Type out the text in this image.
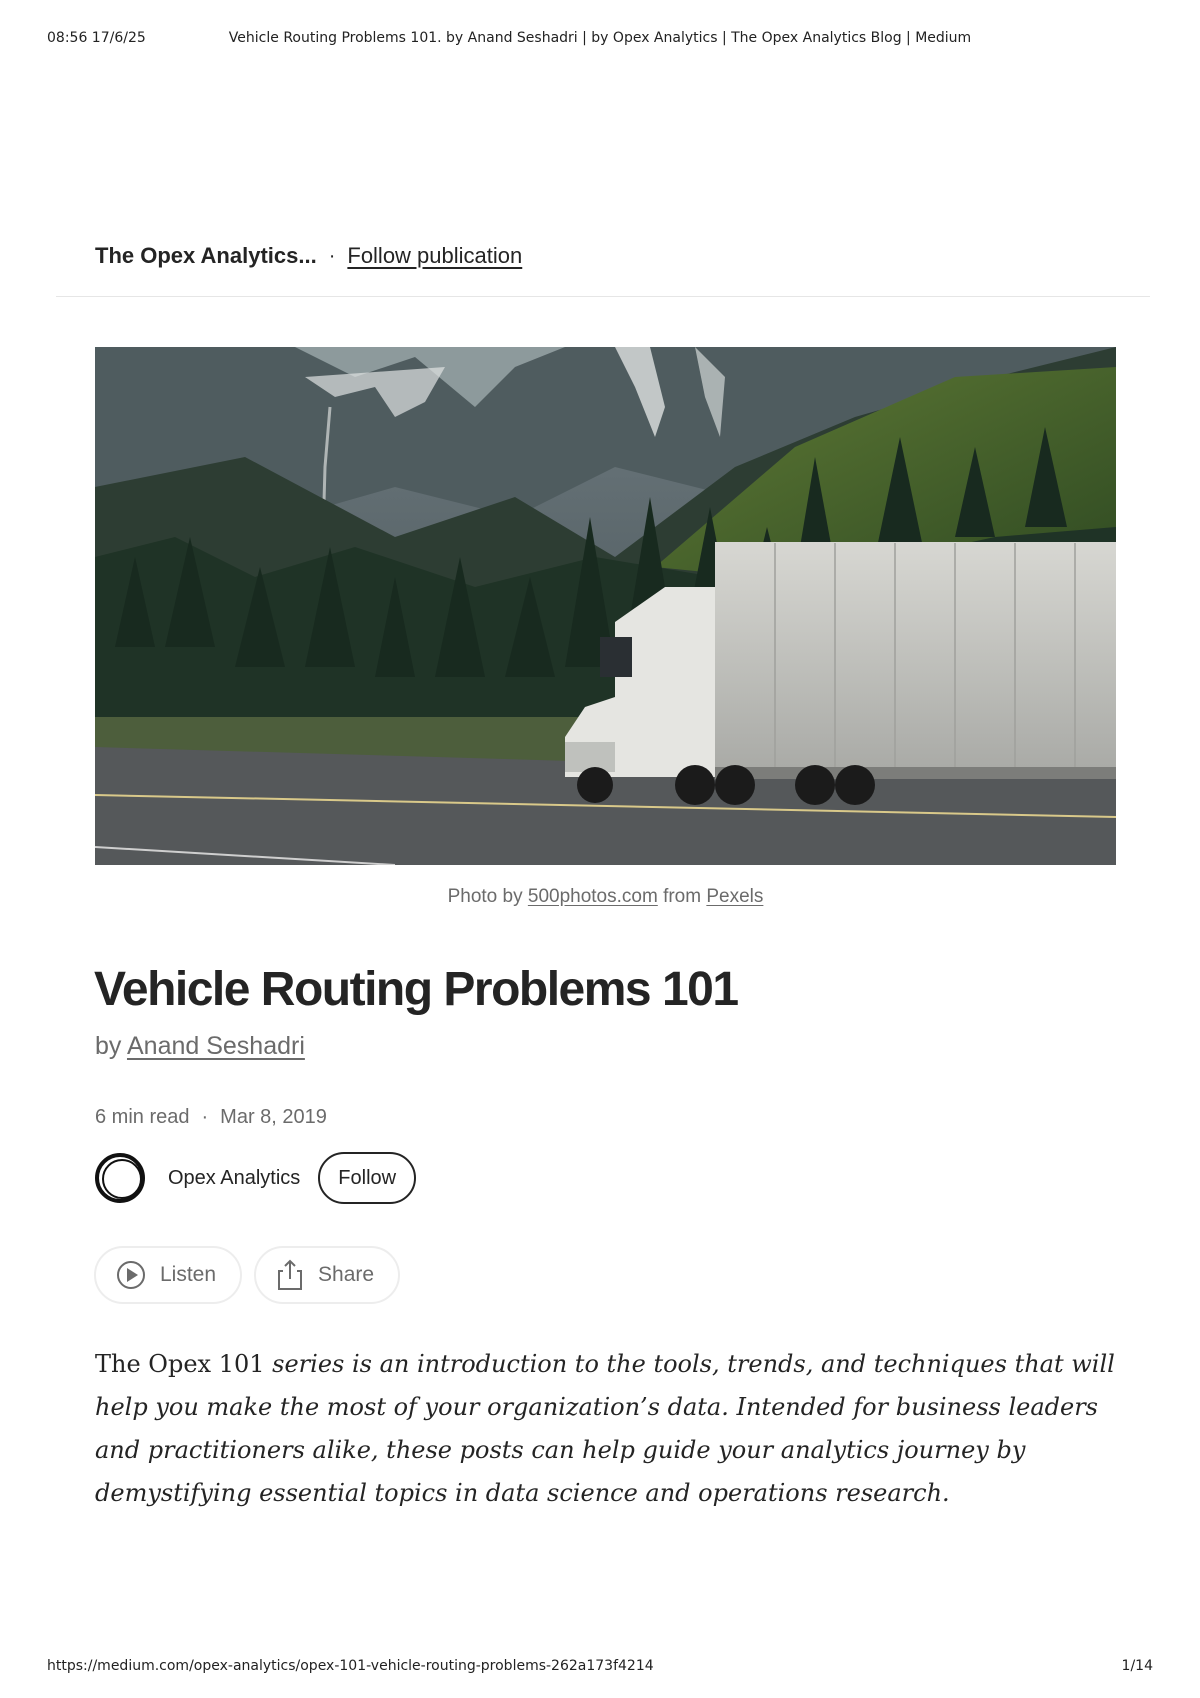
08:56 17/6/25	Vehicle Routing Problems 101. by Anand Seshadri | by Opex Analytics | The Opex Analytics Blog | Medium
The Opex Analytics... · Follow publication
Photo by 500photos.com from Pexels
Vehicle Routing Problems 101
by Anand Seshadri
6 min read · Mar 8, 2019
Opex Analytics	Follow
Listen	Share

The Opex 101 series is an introduction to the tools, trends, and techniques that will help you make the most of your organization’s data. Intended for business leaders and practitioners alike, these posts can help guide your analytics journey by demystifying essential topics in data science and operations research.

https://medium.com/opex-analytics/opex-101-vehicle-routing-problems-262a173f4214	1/14
